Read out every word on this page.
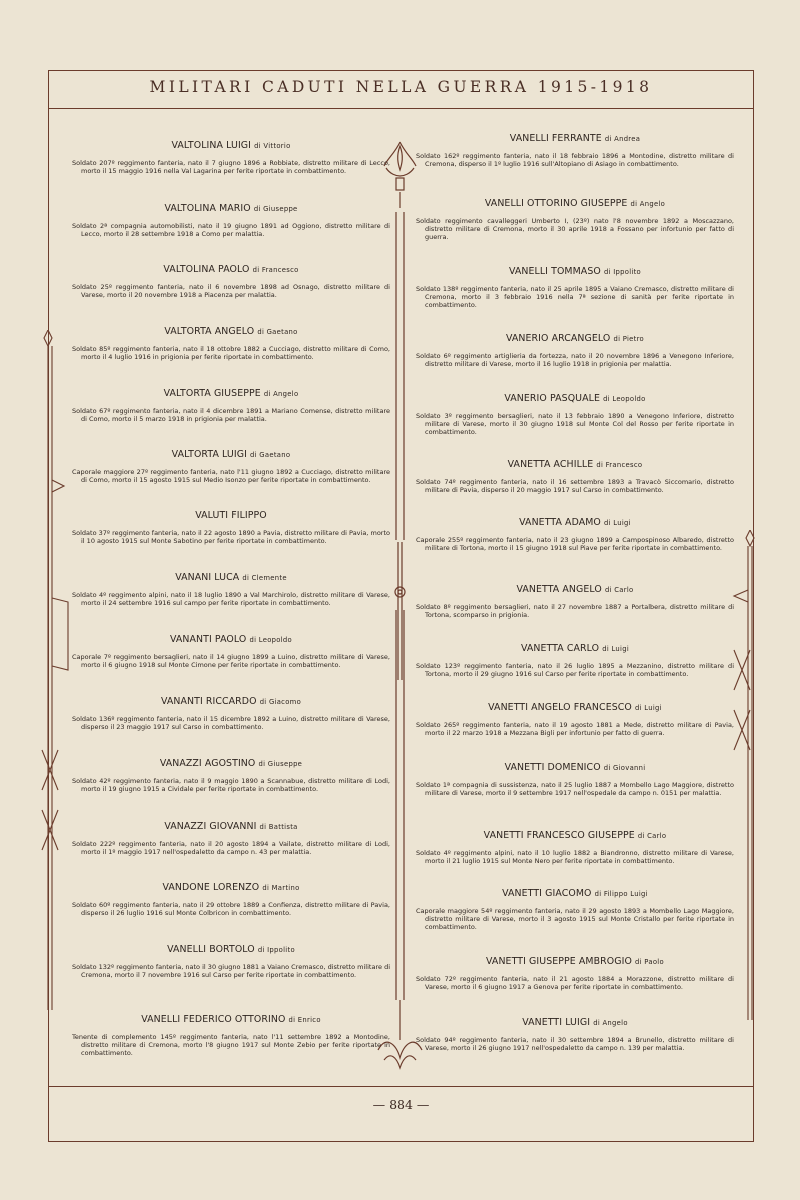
MILITARI CADUTI NELLA GUERRA 1915-1918
VALTOLINA LUIGI di Vittorio
Soldato 207º reggimento fanteria, nato il 7 giugno 1896 a Robbiate, distretto militare di Lecco, morto il 15 maggio 1916 nella Val Lagarina per ferite riportate in combattimento.
VALTOLINA MARIO di Giuseppe
Soldato 2ª compagnia automobilisti, nato il 19 giugno 1891 ad Oggiono, distretto militare di Lecco, morto il 28 settembre 1918 a Como per malattia.
VALTOLINA PAOLO di Francesco
Soldato 25º reggimento fanteria, nato il 6 novembre 1898 ad Osnago, distretto militare di Varese, morto il 20 novembre 1918 a Piacenza per malattia.
VALTORTA ANGELO di Gaetano
Soldato 85º reggimento fanteria, nato il 18 ottobre 1882 a Cucciago, distretto militare di Como, morto il 4 luglio 1916 in prigionia per ferite riportate in combattimento.
VALTORTA GIUSEPPE di Angelo
Soldato 67º reggimento fanteria, nato il 4 dicembre 1891 a Mariano Comense, distretto militare di Como, morto il 5 marzo 1918 in prigionia per malattia.
VALTORTA LUIGI di Gaetano
Caporale maggiore 27º reggimento fanteria, nato l'11 giugno 1892 a Cucciago, distretto militare di Como, morto il 15 agosto 1915 sul Medio Isonzo per ferite riportate in combattimento.
VALUTI FILIPPO
Soldato 37º reggimento fanteria, nato il 22 agosto 1890 a Pavia, distretto militare di Pavia, morto il 10 agosto 1915 sul Monte Sabotino per ferite riportate in combattimento.
VANANI LUCA di Clemente
Soldato 4º reggimento alpini, nato il 18 luglio 1890 a Val Marchirolo, distretto militare di Varese, morto il 24 settembre 1916 sul campo per ferite riportate in combattimento.
VANANTI PAOLO di Leopoldo
Caporale 7º reggimento bersaglieri, nato il 14 giugno 1899 a Luino, distretto militare di Varese, morto il 6 giugno 1918 sul Monte Cimone per ferite riportate in combattimento.
VANANTI RICCARDO di Giacomo
Soldato 136º reggimento fanteria, nato il 15 dicembre 1892 a Luino, distretto militare di Varese, disperso il 23 maggio 1917 sul Carso in combattimento.
VANAZZI AGOSTINO di Giuseppe
Soldato 42º reggimento fanteria, nato il 9 maggio 1890 a Scannabue, distretto militare di Lodi, morto il 19 giugno 1915 a Cividale per ferite riportate in combattimento.
VANAZZI GIOVANNI di Battista
Soldato 222º reggimento fanteria, nato il 20 agosto 1894 a Vailate, distretto militare di Lodi, morto il 1º maggio 1917 nell'ospedaletto da campo n. 43 per malattia.
VANDONE LORENZO di Martino
Soldato 60º reggimento fanteria, nato il 29 ottobre 1889 a Confienza, distretto militare di Pavia, disperso il 26 luglio 1916 sul Monte Colbricon in combattimento.
VANELLI BORTOLO di Ippolito
Soldato 132º reggimento fanteria, nato il 30 giugno 1881 a Vaiano Cremasco, distretto militare di Cremona, morto il 7 novembre 1916 sul Carso per ferite riportate in combattimento.
VANELLI FEDERICO OTTORINO di Enrico
Tenente di complemento 145º reggimento fanteria, nato l'11 settembre 1892 a Montodine, distretto militare di Cremona, morto l'8 giugno 1917 sul Monte Zebio per ferite riportate in combattimento.
VANELLI FERRANTE di Andrea
Soldato 162º reggimento fanteria, nato il 18 febbraio 1896 a Montodine, distretto militare di Cremona, disperso il 1º luglio 1916 sull'Altopiano di Asiago in combattimento.
VANELLI OTTORINO GIUSEPPE di Angelo
Soldato reggimento cavalleggeri Umberto I, (23º) nato l'8 novembre 1892 a Moscazzano, distretto militare di Cremona, morto il 30 aprile 1918 a Fossano per infortunio per fatto di guerra.
VANELLI TOMMASO di Ippolito
Soldato 138º reggimento fanteria, nato il 25 aprile 1895 a Vaiano Cremasco, distretto militare di Cremona, morto il 3 febbraio 1916 nella 7ª sezione di sanità per ferite riportate in combattimento.
VANERIO ARCANGELO di Pietro
Soldato 6º reggimento artiglieria da fortezza, nato il 20 novembre 1896 a Venegono Inferiore, distretto militare di Varese, morto il 16 luglio 1918 in prigionia per malattia.
VANERIO PASQUALE di Leopoldo
Soldato 3º reggimento bersaglieri, nato il 13 febbraio 1890 a Venegono Inferiore, distretto militare di Varese, morto il 30 giugno 1918 sul Monte Col del Rosso per ferite riportate in combattimento.
VANETTA ACHILLE di Francesco
Soldato 74º reggimento fanteria, nato il 16 settembre 1893 a Travacò Siccomario, distretto militare di Pavia, disperso il 20 maggio 1917 sul Carso in combattimento.
VANETTA ADAMO di Luigi
Caporale 255º reggimento fanteria, nato il 23 giugno 1899 a Campospinoso Albaredo, distretto militare di Tortona, morto il 15 giugno 1918 sul Piave per ferite riportate in combattimento.
VANETTA ANGELO di Carlo
Soldato 8º reggimento bersaglieri, nato il 27 novembre 1887 a Portalbera, distretto militare di Tortona, scomparso in prigionia.
VANETTA CARLO di Luigi
Soldato 123º reggimento fanteria, nato il 26 luglio 1895 a Mezzanino, distretto militare di Tortona, morto il 29 giugno 1916 sul Carso per ferite riportate in combattimento.
VANETTI ANGELO FRANCESCO di Luigi
Soldato 265º reggimento fanteria, nato il 19 agosto 1881 a Mede, distretto militare di Pavia, morto il 22 marzo 1918 a Mezzana Bigli per infortunio per fatto di guerra.
VANETTI DOMENICO di Giovanni
Soldato 1ª compagnia di sussistenza, nato il 25 luglio 1887 a Mombello Lago Maggiore, distretto militare di Varese, morto il 9 settembre 1917 nell'ospedale da campo n. 0151 per malattia.
VANETTI FRANCESCO GIUSEPPE di Carlo
Soldato 4º reggimento alpini, nato il 10 luglio 1882 a Biandronno, distretto militare di Varese, morto il 21 luglio 1915 sul Monte Nero per ferite riportate in combattimento.
VANETTI GIACOMO di Filippo Luigi
Caporale maggiore 54º reggimento fanteria, nato il 29 agosto 1893 a Mombello Lago Maggiore, distretto militare di Varese, morto il 3 agosto 1915 sul Monte Cristallo per ferite riportate in combattimento.
VANETTI GIUSEPPE AMBROGIO di Paolo
Soldato 72º reggimento fanteria, nato il 21 agosto 1884 a Morazzone, distretto militare di Varese, morto il 6 giugno 1917 a Genova per ferite riportate in combattimento.
VANETTI LUIGI di Angelo
Soldato 94º reggimento fanteria, nato il 30 settembre 1894 a Brunello, distretto militare di Varese, morto il 26 giugno 1917 nell'ospedaletto da campo n. 139 per malattia.
— 884 —
